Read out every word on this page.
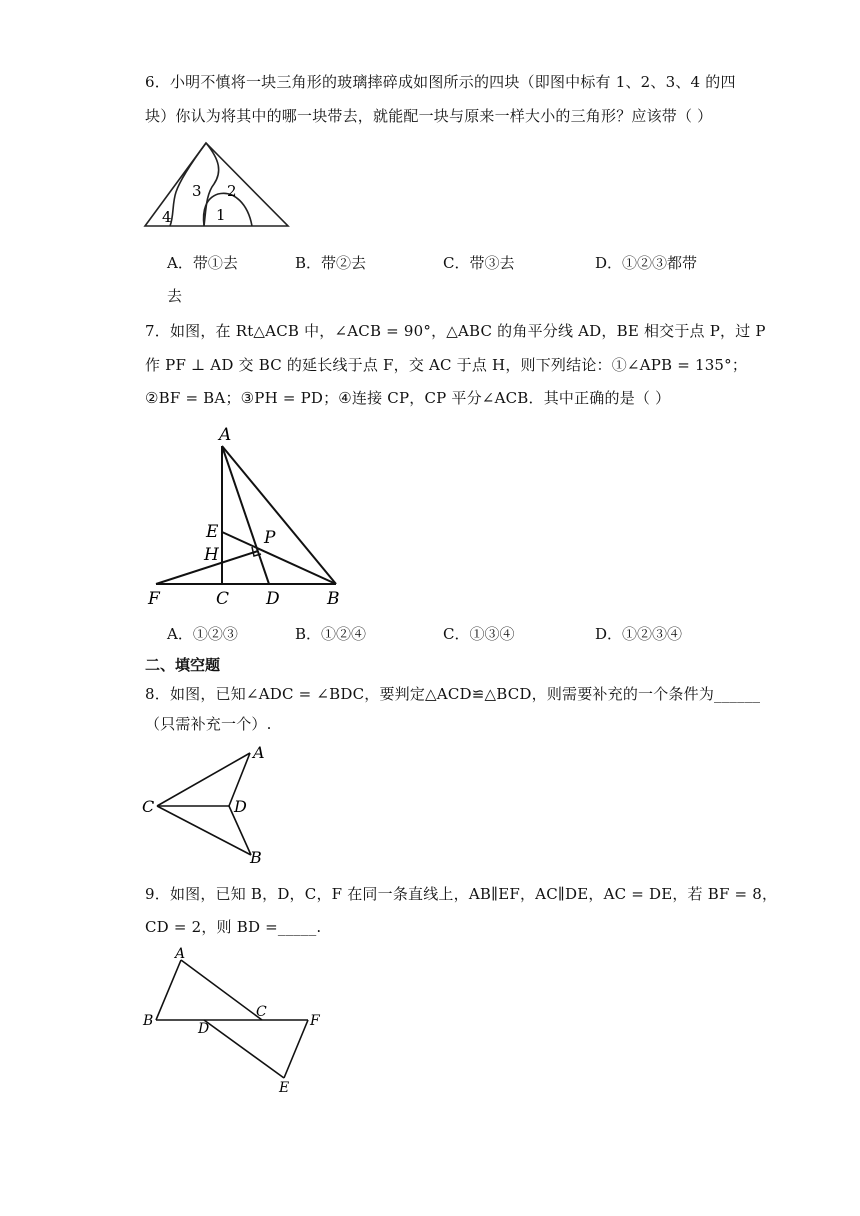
6．小明不慎将一块三角形的玻璃摔碎成如图所示的四块（即图中标有 1、2、3、4 的四
块）你认为将其中的哪一块带去，就能配一块与原来一样大小的三角形？应该带（ ）
3 2
4	1
A．带①去	B．带②去	C．带③去	D．①②③都带
去
7．如图，在 Rt△ACB 中，∠ACB = 90°，△ABC 的角平分线 AD，BE 相交于点 P，过 P
作 PF ⊥ AD 交 BC 的延长线于点 F，交 AC 于点 H，则下列结论：①∠APB = 135°；
②BF = BA；③PH = PD；④连接 CP，CP 平分∠ACB．其中正确的是（ ）
A
E
H
P
F	C D	B
A．①②③	B．①②④	C．①③④	D．①②③④
二、填空题
8．如图，已知∠ADC = ∠BDC，要判定△ACD≌△BCD，则需要补充的一个条件为______
（只需补充一个）.
A
C	D
B
9．如图，已知 B，D，C，F 在同一条直线上，AB∥EF，AC∥DE，AC = DE，若 BF = 8，
CD = 2，则 BD =_____.
A
B	D
C
F
E
